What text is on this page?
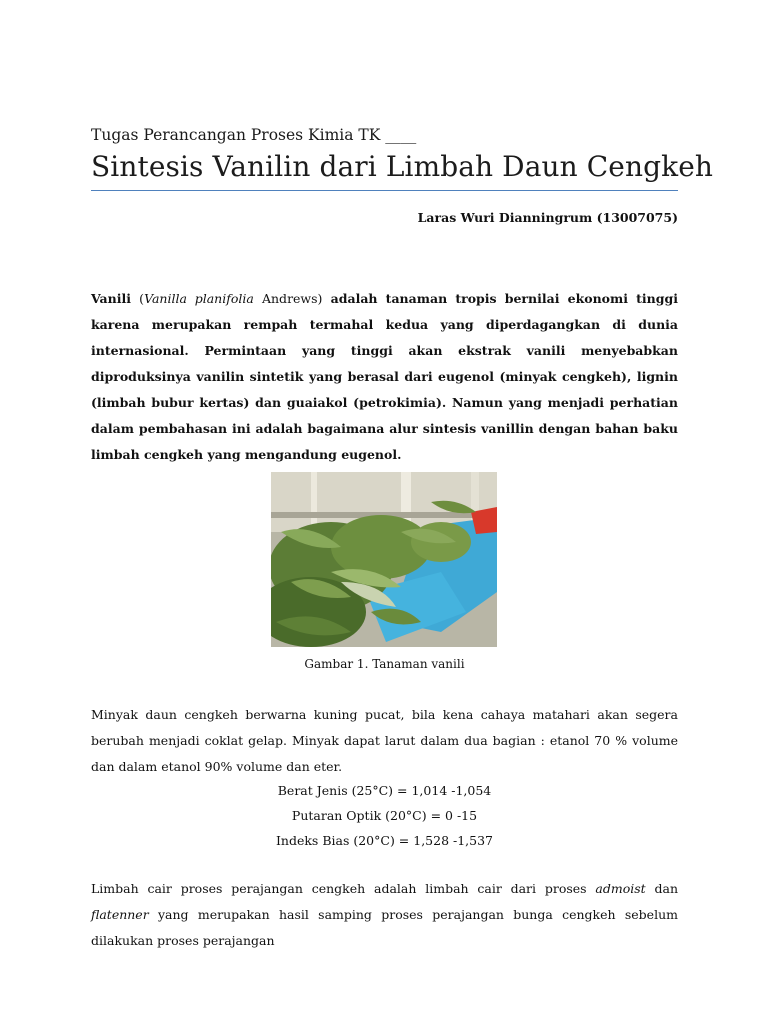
Tugas Perancangan Proses Kimia TK ____
Sintesis Vanilin dari Limbah Daun Cengkeh
Laras Wuri Dianningrum (13007075)
Vanili (Vanilla planifolia Andrews) adalah tanaman tropis bernilai ekonomi tinggi karena merupakan rempah termahal kedua yang diperdagangkan di dunia internasional. Permintaan yang tinggi akan ekstrak vanili menyebabkan diproduksinya vanilin sintetik yang berasal dari eugenol (minyak cengkeh), lignin (limbah bubur kertas) dan guaiakol (petrokimia). Namun yang menjadi perhatian dalam pembahasan ini adalah bagaimana alur sintesis vanillin dengan bahan baku limbah cengkeh yang mengandung eugenol.
Gambar 1. Tanaman vanili
Minyak daun cengkeh berwarna kuning pucat, bila kena cahaya matahari akan segera berubah menjadi coklat gelap. Minyak dapat larut dalam dua bagian : etanol 70 % volume dan dalam etanol 90% volume dan eter.
Berat Jenis (25°C) = 1,014 -1,054
Putaran Optik (20°C) = 0 -15
Indeks Bias (20°C) = 1,528 -1,537
Limbah cair proses perajangan cengkeh adalah limbah cair dari proses admoist dan flatenner yang merupakan hasil samping proses perajangan bunga cengkeh sebelum dilakukan proses perajangan
